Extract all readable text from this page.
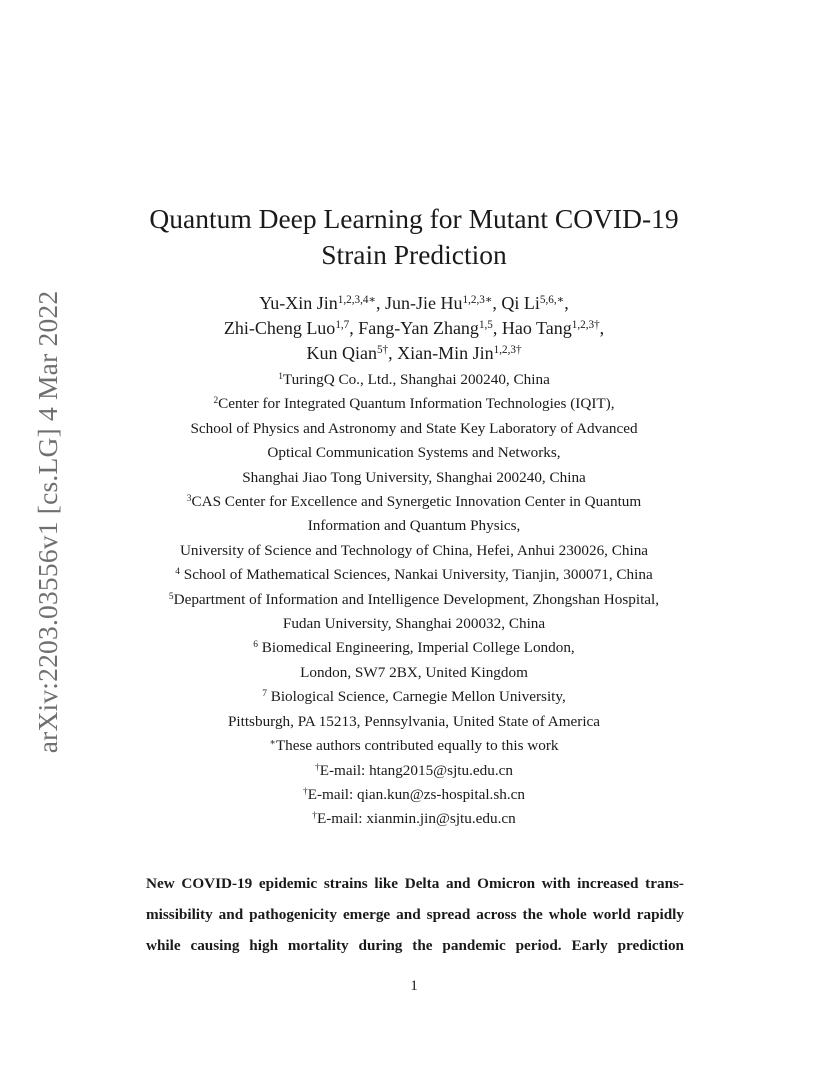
arXiv:2203.03556v1 [cs.LG] 4 Mar 2022
Quantum Deep Learning for Mutant COVID-19
Strain Prediction
Yu-Xin Jin$^{1,2,3,4∗}$, Jun-Jie $Hu^{1,2,3∗}$, Qi $Li^{5,6,∗}$,
Zhi-Cheng Luo$^{1,7}$, Fang-Yan Zhang$^{1,5}$, Hao Tang$^{1,2,3\dagger}$,
Kun Qian$^{5\dagger}$, Xian-Min Jin$^{1,2,3\dagger}$
$^1$TuringQ Co., Ltd., Shanghai 200240, China
$^2$Center for Integrated Quantum Information Technologies (IQIT),
School of Physics and Astronomy and State Key Laboratory of Advanced
Optical Communication Systems and Networks,
Shanghai Jiao Tong University, Shanghai 200240, China
$^3$CAS Center for Excellence and Synergetic Innovation Center in Quantum
Information and Quantum Physics,
University of Science and Technology of China, Hefei, Anhui 230026, China
$^4$ School of Mathematical Sciences, Nankai University, Tianjin, 300071, China
$^5$Department of Information and Intelligence Development, Zhongshan Hospital,
Fudan University, Shanghai 200032, China
$^6$ Biomedical Engineering, Imperial College London,
London, SW7 2BX, United Kingdom
$^7$ Biological Science, Carnegie Mellon University,
Pittsburgh, PA 15213, Pennsylvania, United State of America
∗These authors contributed equally to this work
†E-mail: htang2015@sjtu.edu.cn
†E-mail: qian.kun@zs-hospital.sh.cn
†E-mail: xianmin.jin@sjtu.edu.cn
New COVID-19 epidemic strains like Delta and Omicron with increased trans-
missibility and pathogenicity emerge and spread across the whole world rapidly
while causing high mortality during the pandemic period. Early prediction
1
